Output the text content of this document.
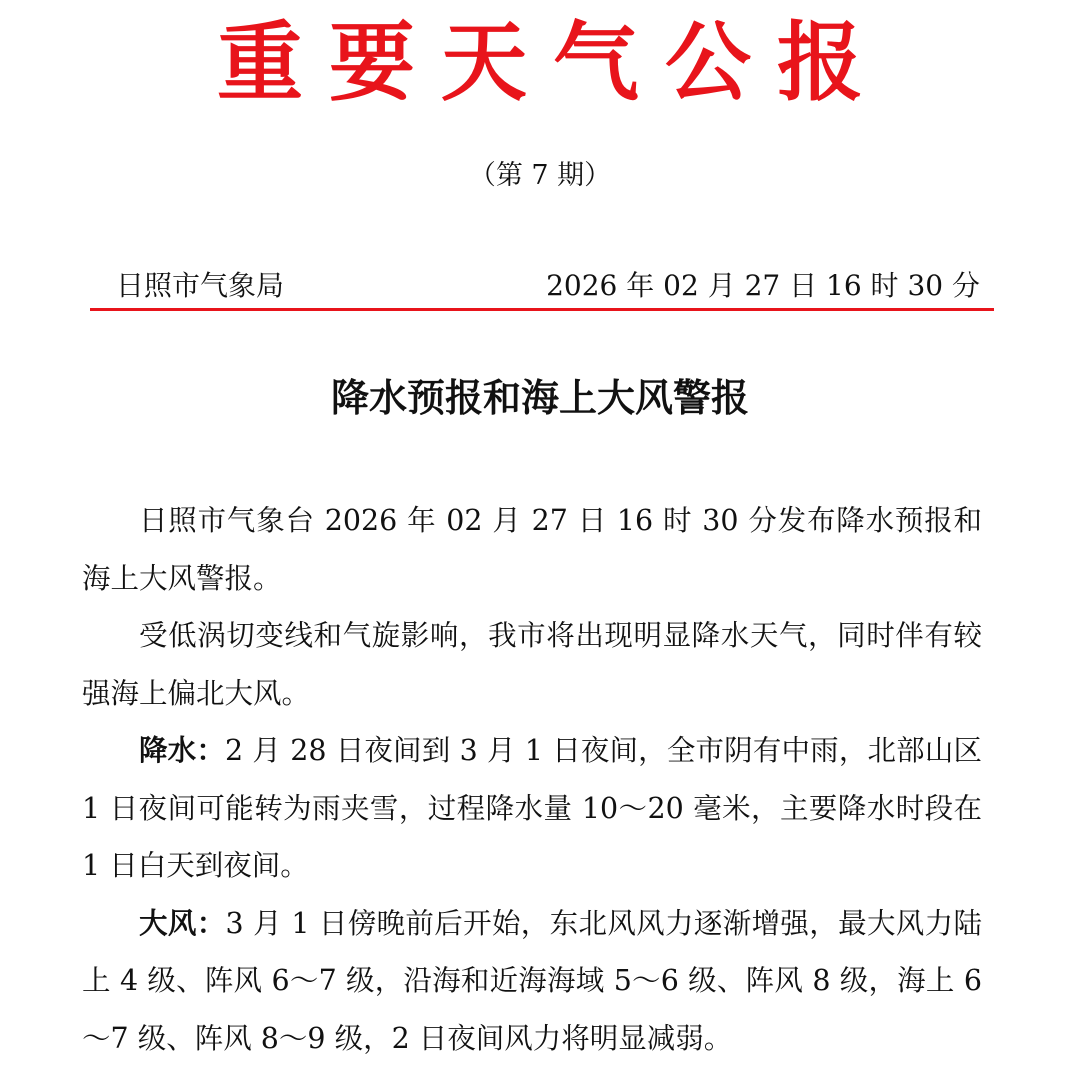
重要天气公报
（第 7 期）
日照市气象局	2026 年 02 月 27 日 16 时 30 分
降水预报和海上大风警报

日照市气象台 2026 年 02 月 27 日 16 时 30 分发布降水预报和海上大风警报。

受低涡切变线和气旋影响，我市将出现明显降水天气，同时伴有较强海上偏北大风。

降水：2 月 28 日夜间到 3 月 1 日夜间，全市阴有中雨，北部山区 1 日夜间可能转为雨夹雪，过程降水量 10～20 毫米，主要降水时段在 1 日白天到夜间。

大风：3 月 1 日傍晚前后开始，东北风风力逐渐增强，最大风力陆上 4 级、阵风 6～7 级，沿海和近海海域 5～6 级、阵风 8 级，海上 6～7 级、阵风 8～9 级，2 日夜间风力将明显减弱。
